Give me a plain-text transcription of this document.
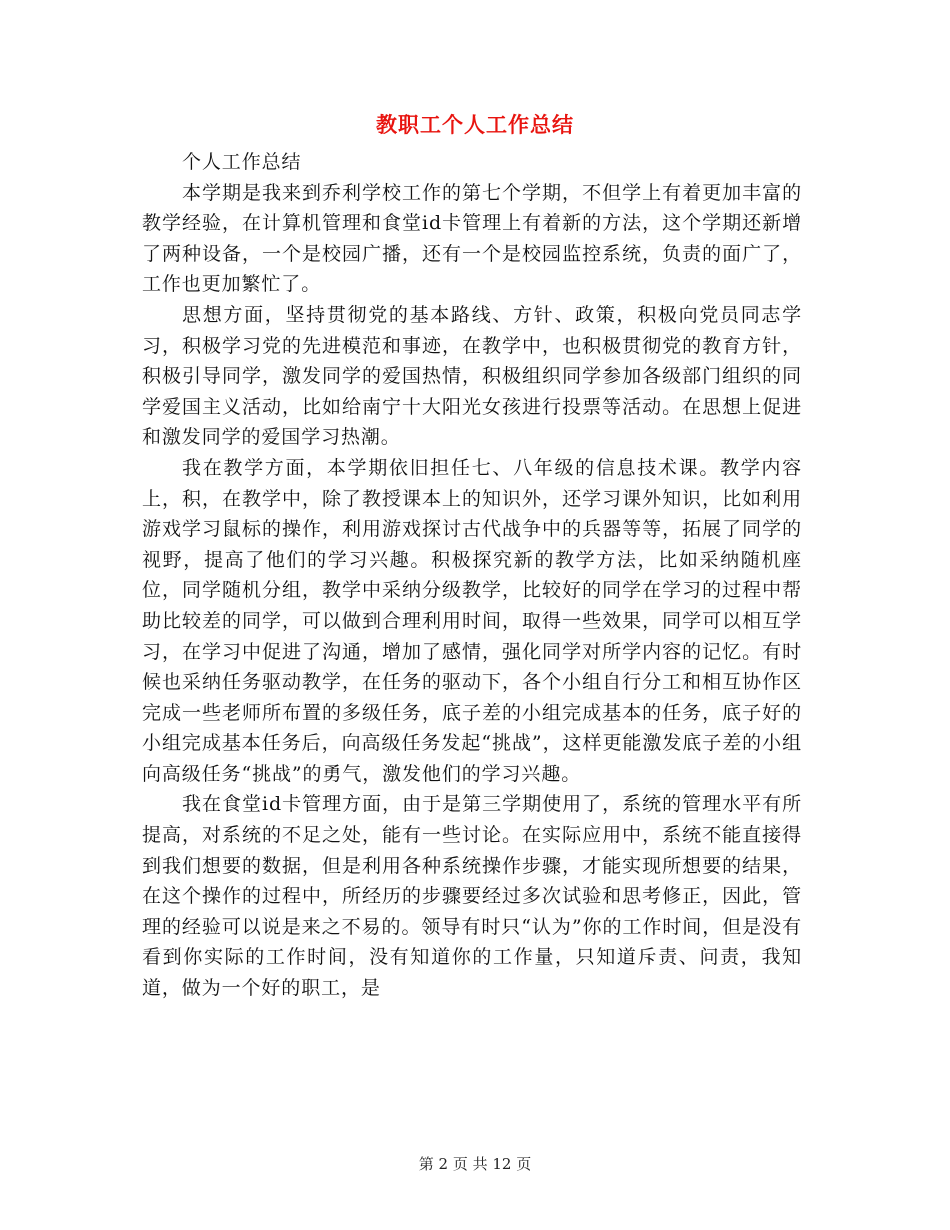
教职工个人工作总结

个人工作总结

本学期是我来到乔利学校工作的第七个学期，不但学上有着更加丰富的教学经验，在计算机管理和食堂id卡管理上有着新的方法，这个学期还新增了两种设备，一个是校园广播，还有一个是校园监控系统，负责的面广了，工作也更加繁忙了。

思想方面，坚持贯彻党的基本路线、方针、政策，积极向党员同志学习，积极学习党的先进模范和事迹，在教学中，也积极贯彻党的教育方针，积极引导同学，激发同学的爱国热情，积极组织同学参加各级部门组织的同学爱国主义活动，比如给南宁十大阳光女孩进行投票等活动。在思想上促进和激发同学的爱国学习热潮。

我在教学方面，本学期依旧担任七、八年级的信息技术课。教学内容上，积，在教学中，除了教授课本上的知识外，还学习课外知识，比如利用游戏学习鼠标的操作，利用游戏探讨古代战争中的兵器等等，拓展了同学的视野，提高了他们的学习兴趣。积极探究新的教学方法，比如采纳随机座位，同学随机分组，教学中采纳分级教学，比较好的同学在学习的过程中帮助比较差的同学，可以做到合理利用时间，取得一些效果，同学可以相互学习，在学习中促进了沟通，增加了感情，强化同学对所学内容的记忆。有时候也采纳任务驱动教学，在任务的驱动下，各个小组自行分工和相互协作区完成一些老师所布置的多级任务，底子差的小组完成基本的任务，底子好的小组完成基本任务后，向高级任务发起“挑战”，这样更能激发底子差的小组向高级任务“挑战”的勇气，激发他们的学习兴趣。

我在食堂id卡管理方面，由于是第三学期使用了，系统的管理水平有所提高，对系统的不足之处，能有一些讨论。在实际应用中，系统不能直接得到我们想要的数据，但是利用各种系统操作步骤，才能实现所想要的结果，在这个操作的过程中，所经历的步骤要经过多次试验和思考修正，因此，管理的经验可以说是来之不易的。领导有时只“认为”你的工作时间，但是没有看到你实际的工作时间，没有知道你的工作量，只知道斥责、问责，我知道，做为一个好的职工，是

第 2 页 共 12 页
